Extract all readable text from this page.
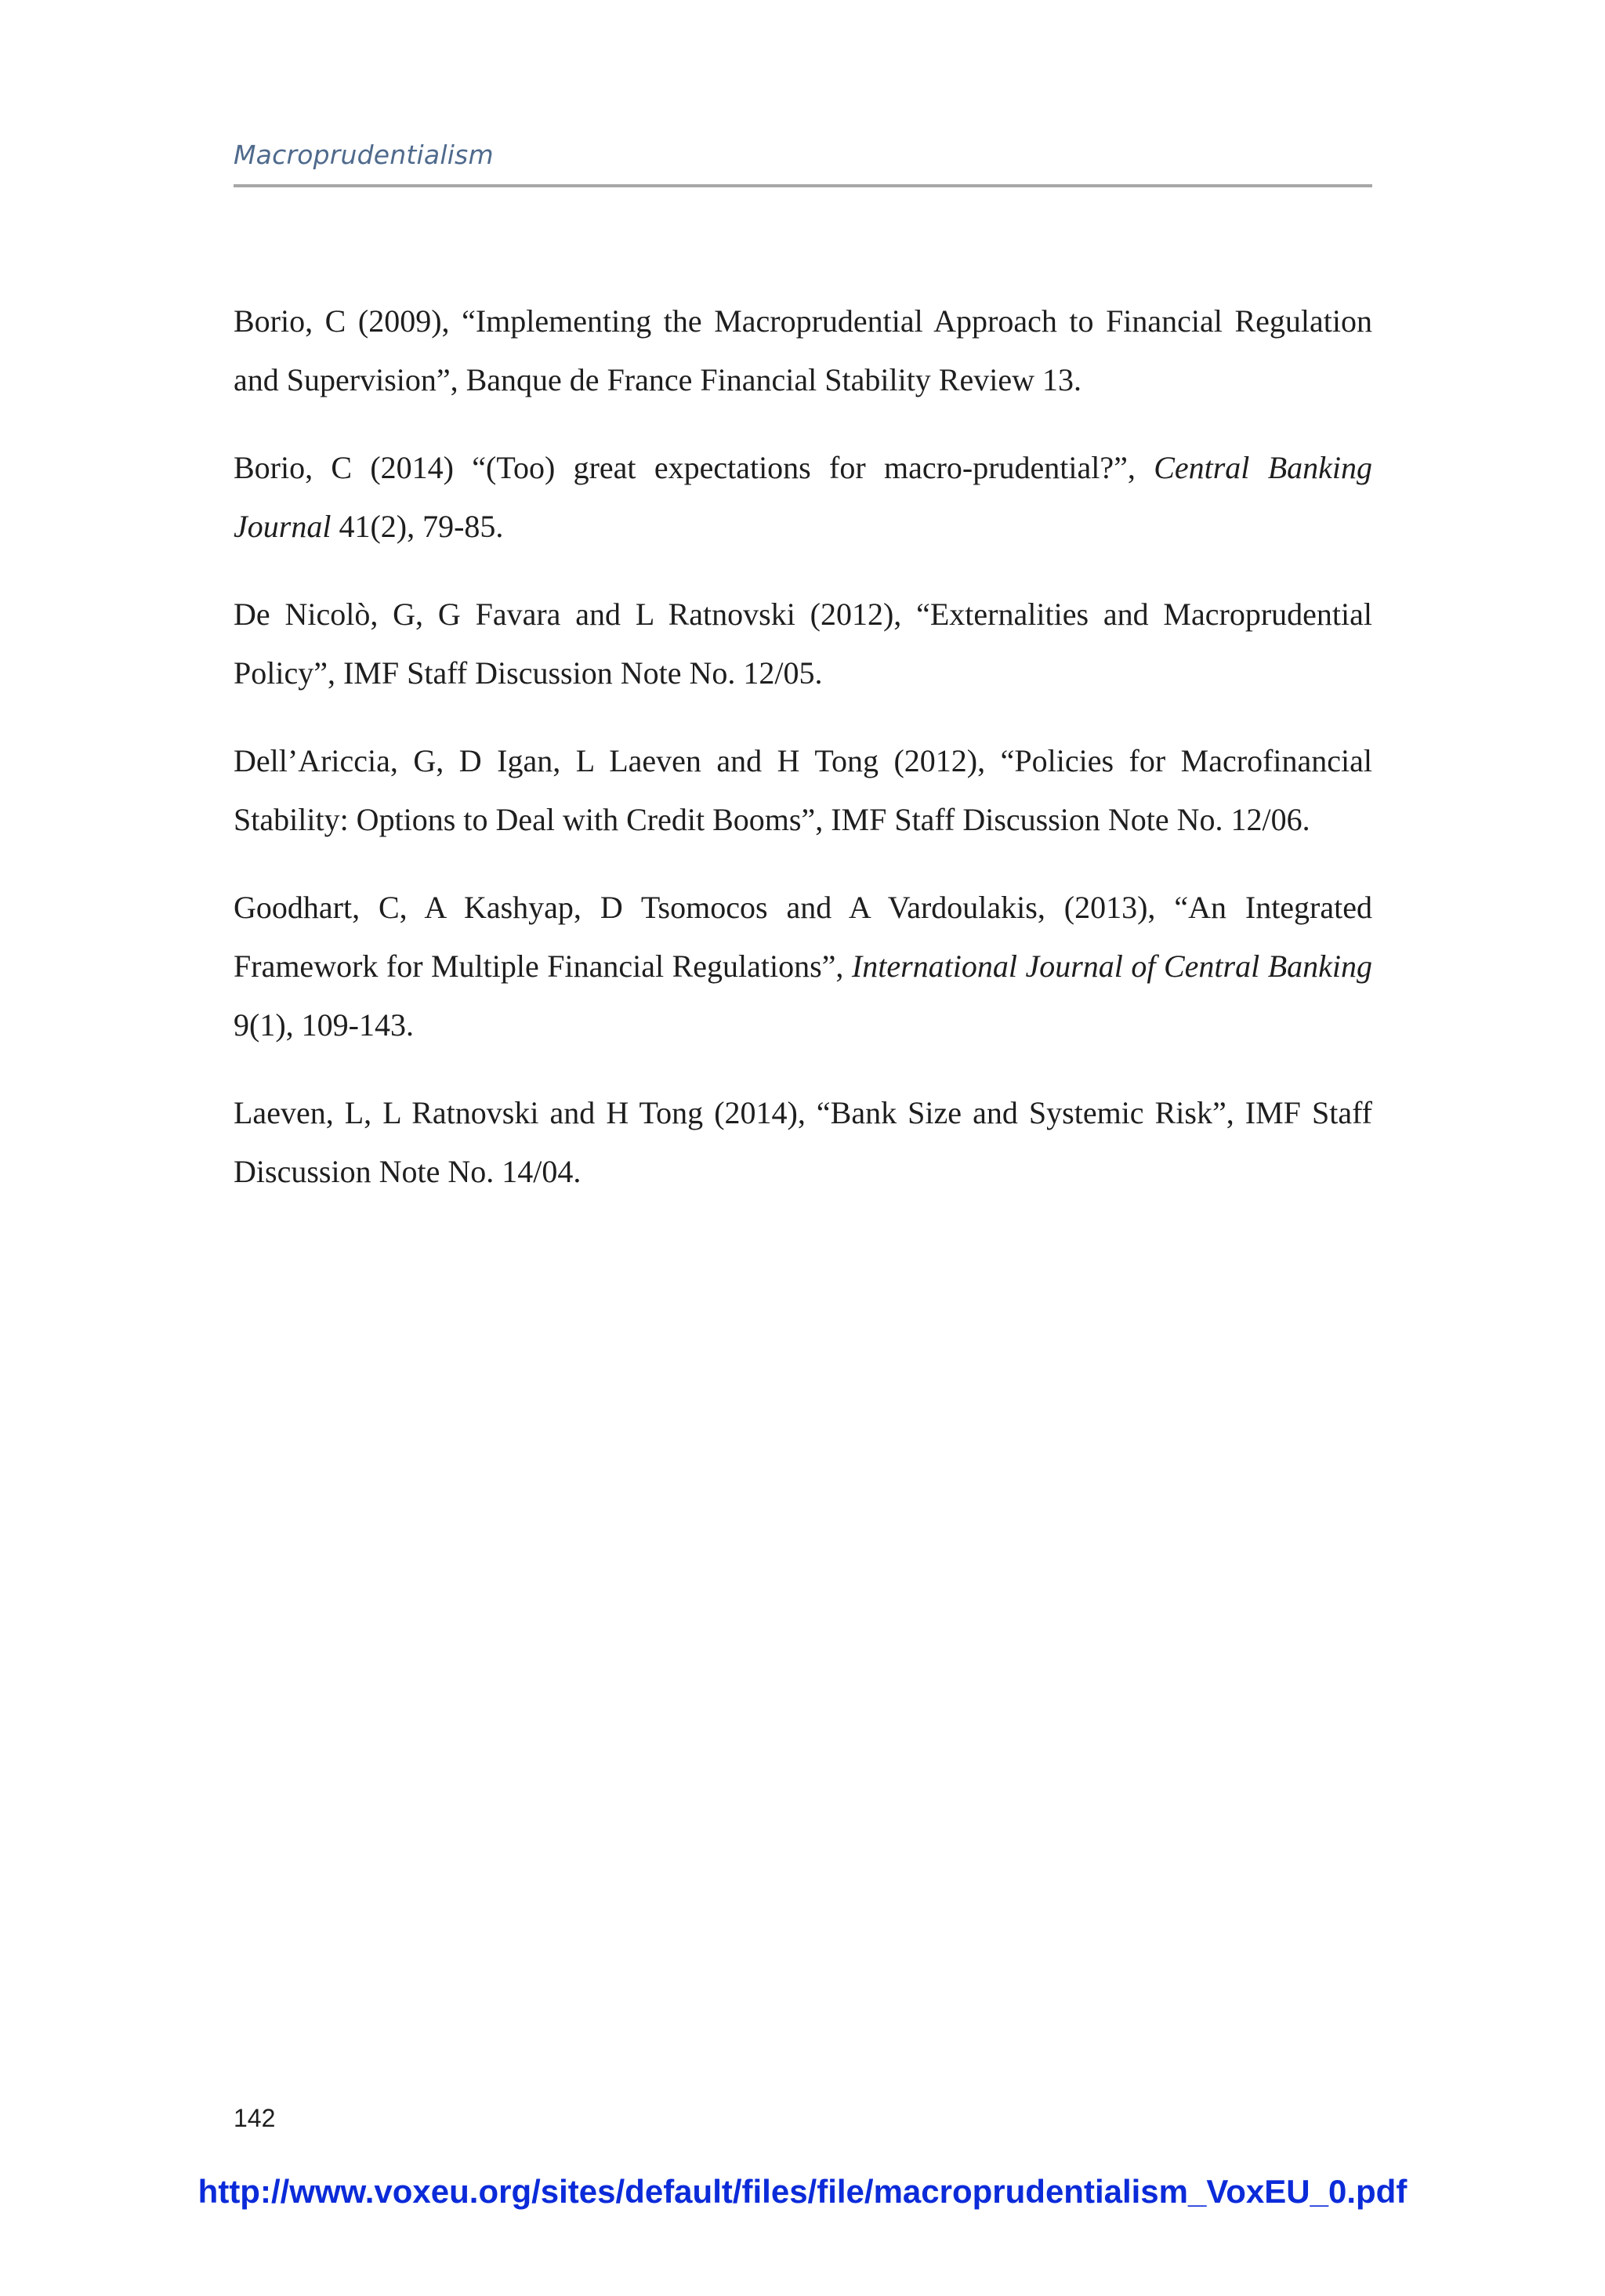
Macroprudentialism

Borio, C (2009), “Implementing the Macroprudential Approach to Financial Regulation and Supervision”, Banque de France Financial Stability Review 13.

Borio, C (2014) “(Too) great expectations for macro-prudential?”, Central Banking Journal 41(2), 79-85.

De Nicolò, G, G Favara and L Ratnovski (2012), “Externalities and Macroprudential Policy”, IMF Staff Discussion Note No. 12/05.

Dell’Ariccia, G, D Igan, L Laeven and H Tong (2012), “Policies for Macrofinancial Stability: Options to Deal with Credit Booms”, IMF Staff Discussion Note No. 12/06.

Goodhart, C, A Kashyap, D Tsomocos and A Vardoulakis, (2013), “An Integrated Framework for Multiple Financial Regulations”, International Journal of Central Banking 9(1), 109-143.

Laeven, L, L Ratnovski and H Tong (2014), “Bank Size and Systemic Risk”, IMF Staff Discussion Note No. 14/04.

142
http://www.voxeu.org/sites/default/files/file/macroprudentialism_VoxEU_0.pdf
